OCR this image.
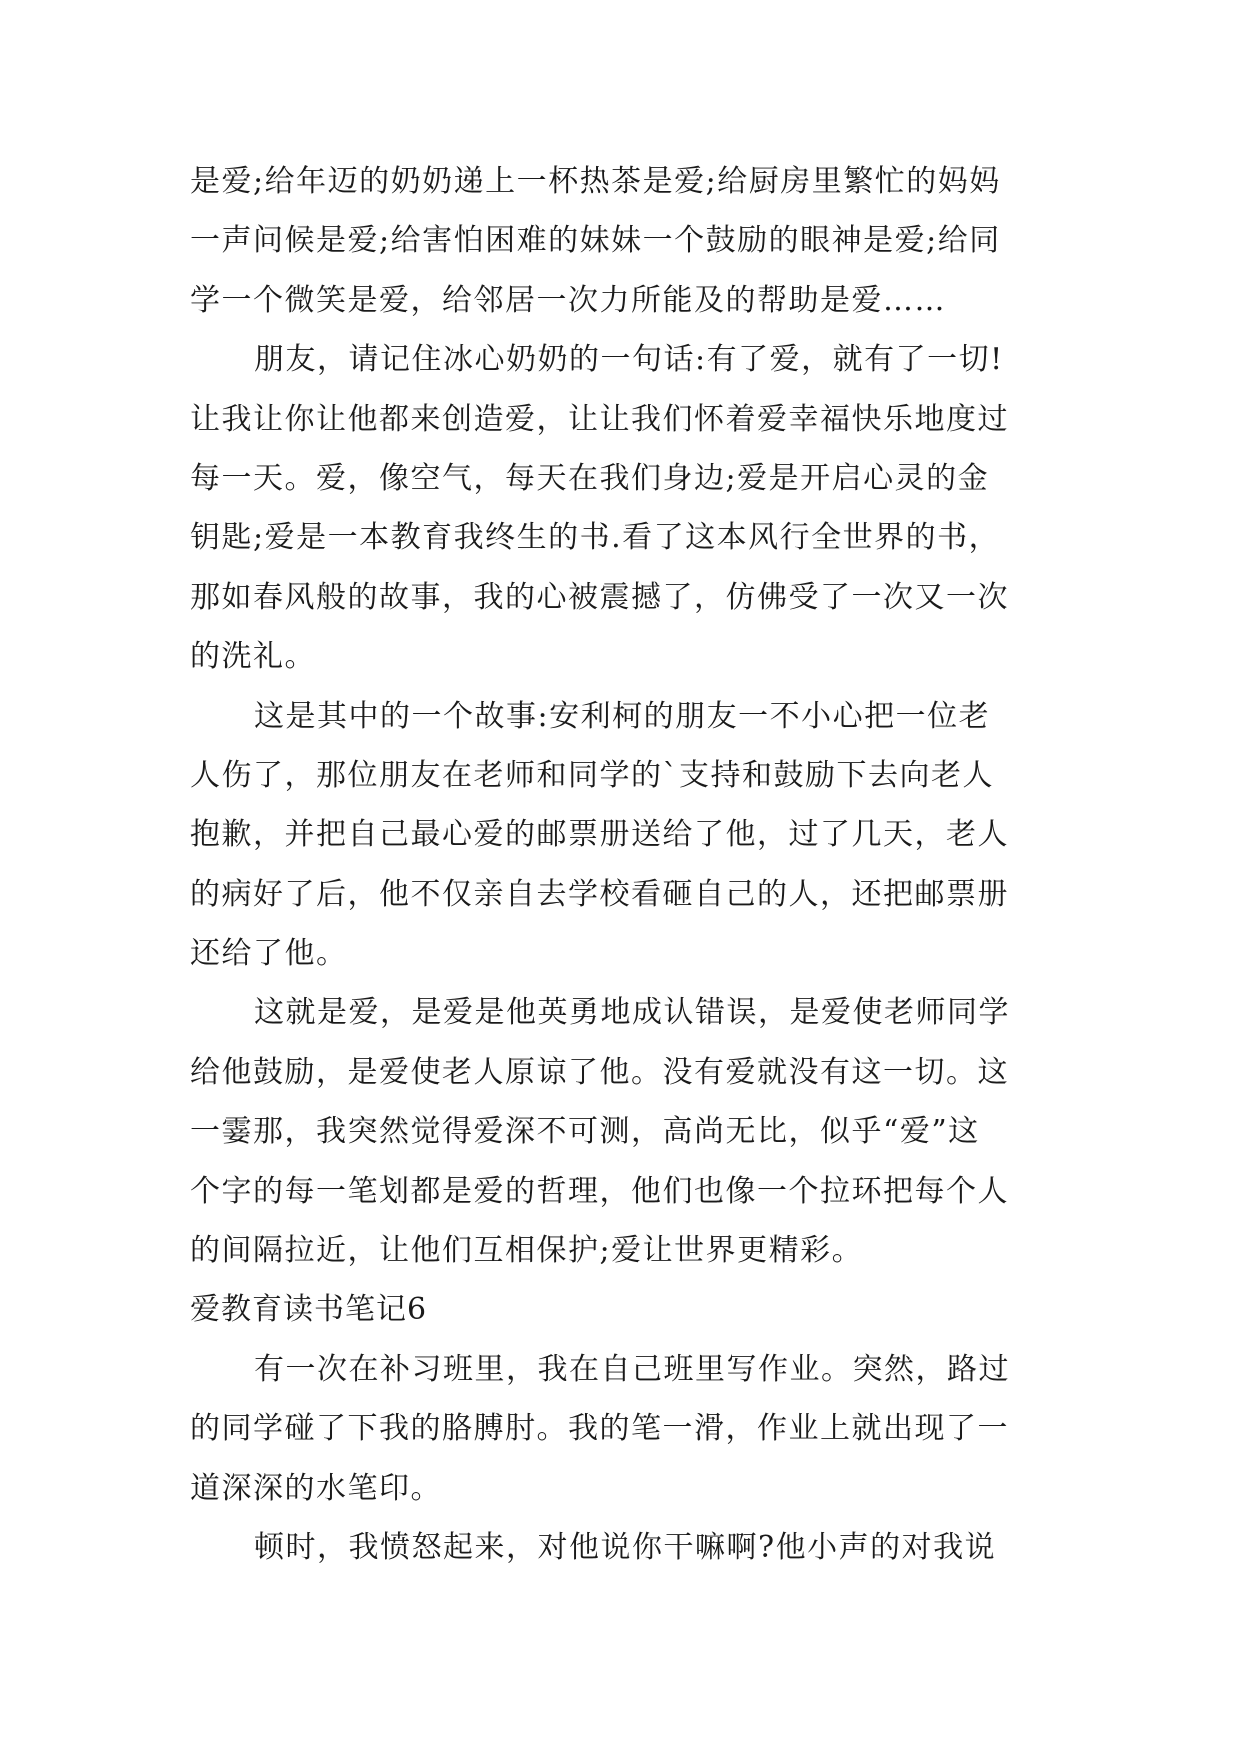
是爱;给年迈的奶奶递上一杯热茶是爱;给厨房里繁忙的妈妈
一声问候是爱;给害怕困难的妹妹一个鼓励的眼神是爱;给同
学一个微笑是爱，给邻居一次力所能及的帮助是爱……
朋友，请记住冰心奶奶的一句话:有了爱，就有了一切!
让我让你让他都来创造爱，让让我们怀着爱幸福快乐地度过
每一天。爱，像空气，每天在我们身边;爱是开启心灵的金
钥匙;爱是一本教育我终生的书.看了这本风行全世界的书，
那如春风般的故事，我的心被震撼了，仿佛受了一次又一次
的洗礼。
这是其中的一个故事:安利柯的朋友一不小心把一位老
人伤了，那位朋友在老师和同学的`支持和鼓励下去向老人
抱歉，并把自己最心爱的邮票册送给了他，过了几天，老人
的病好了后，他不仅亲自去学校看砸自己的人，还把邮票册
还给了他。
这就是爱，是爱是他英勇地成认错误，是爱使老师同学
给他鼓励，是爱使老人原谅了他。没有爱就没有这一切。这
一霎那，我突然觉得爱深不可测，高尚无比，似乎“爱”这
个字的每一笔划都是爱的哲理，他们也像一个拉环把每个人
的间隔拉近，让他们互相保护;爱让世界更精彩。
爱教育读书笔记6
有一次在补习班里，我在自己班里写作业。突然，路过
的同学碰了下我的胳膊肘。我的笔一滑，作业上就出现了一
道深深的水笔印。
顿时，我愤怒起来，对他说你干嘛啊?他小声的对我说
